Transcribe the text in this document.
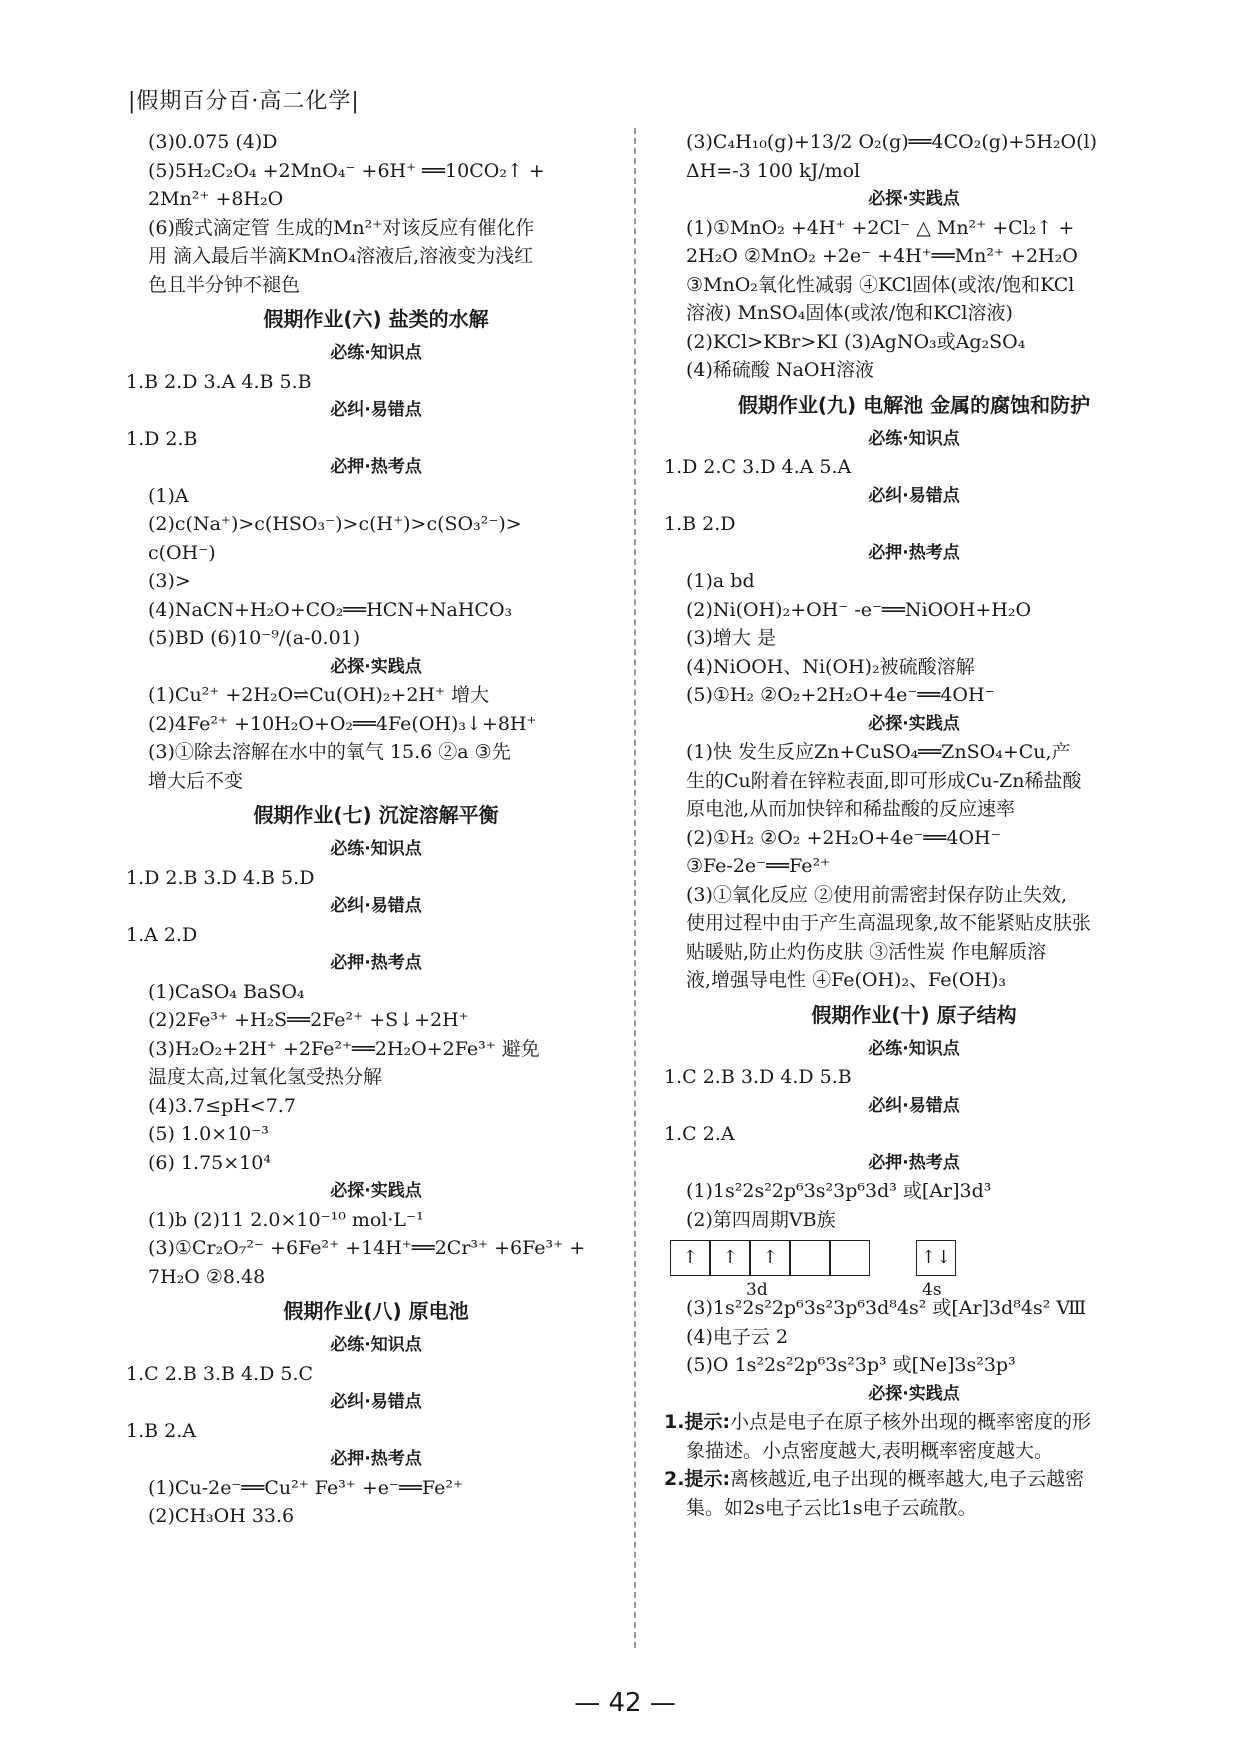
|假期百分百·高二化学|
(3)0.075 (4)D
(5)5H₂C₂O₄ +2MnO₄⁻ +6H⁺ ══10CO₂↑ +
2Mn²⁺ +8H₂O
(6)酸式滴定管 生成的Mn²⁺对该反应有催化作
用 滴入最后半滴KMnO₄溶液后,溶液变为浅红
色且半分钟不褪色
假期作业(六) 盐类的水解
必练·知识点
1.B 2.D 3.A 4.B 5.B
必纠·易错点
1.D 2.B
必押·热考点
(1)A
(2)c(Na⁺)>c(HSO₃⁻)>c(H⁺)>c(SO₃²⁻)>
c(OH⁻)
(3)>
(4)NaCN+H₂O+CO₂══HCN+NaHCO₃
(5)BD (6)10⁻⁹/(a-0.01)
必探·实践点
(1)Cu²⁺ +2H₂O⇌Cu(OH)₂+2H⁺ 增大
(2)4Fe²⁺ +10H₂O+O₂══4Fe(OH)₃↓+8H⁺
(3)①除去溶解在水中的氧气 15.6 ②a ③先
增大后不变
假期作业(七) 沉淀溶解平衡
必练·知识点
1.D 2.B 3.D 4.B 5.D
必纠·易错点
1.A 2.D
必押·热考点
(1)CaSO₄ BaSO₄
(2)2Fe³⁺ +H₂S══2Fe²⁺ +S↓+2H⁺
(3)H₂O₂+2H⁺ +2Fe²⁺══2H₂O+2Fe³⁺ 避免
温度太高,过氧化氢受热分解
(4)3.7≤pH<7.7
(5) 1.0×10⁻³
(6) 1.75×10⁴
必探·实践点
(1)b (2)11 2.0×10⁻¹⁰ mol·L⁻¹
(3)①Cr₂O₇²⁻ +6Fe²⁺ +14H⁺══2Cr³⁺ +6Fe³⁺ +
7H₂O ②8.48
假期作业(八) 原电池
必练·知识点
1.C 2.B 3.B 4.D 5.C
必纠·易错点
1.B 2.A
必押·热考点
(1)Cu-2e⁻══Cu²⁺ Fe³⁺ +e⁻══Fe²⁺
(2)CH₃OH 33.6
(3)C₄H₁₀(g)+13/2 O₂(g)══4CO₂(g)+5H₂O(l)
ΔH=-3 100 kJ/mol
必探·实践点
(1)①MnO₂ +4H⁺ +2Cl⁻ △ Mn²⁺ +Cl₂↑ +
2H₂O ②MnO₂ +2e⁻ +4H⁺══Mn²⁺ +2H₂O
③MnO₂氧化性减弱 ④KCl固体(或浓/饱和KCl
溶液) MnSO₄固体(或浓/饱和KCl溶液)
(2)KCl>KBr>KI (3)AgNO₃或Ag₂SO₄
(4)稀硫酸 NaOH溶液
假期作业(九) 电解池 金属的腐蚀和防护
必练·知识点
1.D 2.C 3.D 4.A 5.A
必纠·易错点
1.B 2.D
必押·热考点
(1)a bd
(2)Ni(OH)₂+OH⁻ -e⁻══NiOOH+H₂O
(3)增大 是
(4)NiOOH、Ni(OH)₂被硫酸溶解
(5)①H₂ ②O₂+2H₂O+4e⁻══4OH⁻
必探·实践点
(1)快 发生反应Zn+CuSO₄══ZnSO₄+Cu,产
生的Cu附着在锌粒表面,即可形成Cu-Zn稀盐酸
原电池,从而加快锌和稀盐酸的反应速率
(2)①H₂ ②O₂ +2H₂O+4e⁻══4OH⁻
③Fe-2e⁻══Fe²⁺
(3)①氧化反应 ②使用前需密封保存防止失效,
使用过程中由于产生高温现象,故不能紧贴皮肤张
贴暖贴,防止灼伤皮肤 ③活性炭 作电解质溶
液,增强导电性 ④Fe(OH)₂、Fe(OH)₃
假期作业(十) 原子结构
必练·知识点
1.C 2.B 3.D 4.D 5.B
必纠·易错点
1.C 2.A
必押·热考点
(1)1s²2s²2p⁶3s²3p⁶3d³ 或[Ar]3d³
(2)第四周期ⅤB族
↑	↑	↑	↑↓
3d	4s
(3)1s²2s²2p⁶3s²3p⁶3d⁸4s² 或[Ar]3d⁸4s² Ⅷ
(4)电子云 2
(5)O 1s²2s²2p⁶3s²3p³ 或[Ne]3s²3p³
必探·实践点
1.提示:小点是电子在原子核外出现的概率密度的形
象描述。小点密度越大,表明概率密度越大。
2.提示:离核越近,电子出现的概率越大,电子云越密
集。如2s电子云比1s电子云疏散。
— 42 —
